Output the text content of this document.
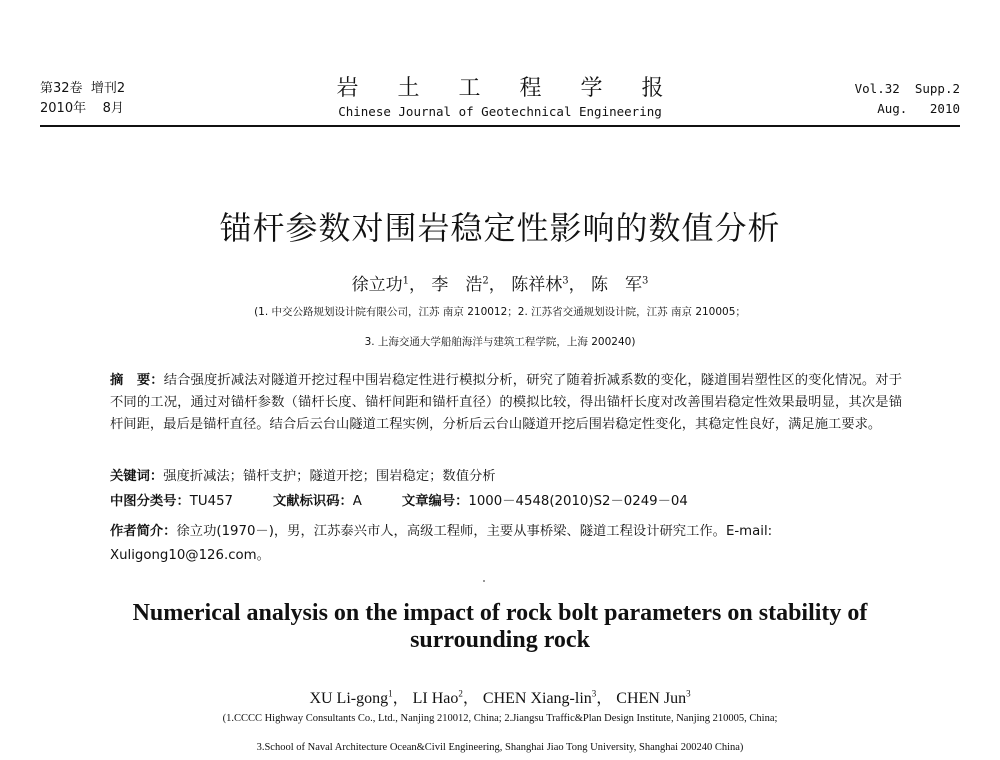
第32卷 增刊2
2010年 8月
岩 土 工 程 学 报
Chinese Journal of Geotechnical Engineering
Vol.32 Supp.2
Aug. 2010
锚杆参数对围岩稳定性影响的数值分析
徐立功$^1$， 李　浩$^2$， 陈祥林$^3$， 陈　军$^3$
(1. 中交公路规划设计院有限公司，江苏 南京 210012；2. 江苏省交通规划设计院，江苏 南京 210005；
3. 上海交通大学船舶海洋与建筑工程学院，上海 200240)
摘　要：结合强度折减法对隧道开挖过程中围岩稳定性进行模拟分析，研究了随着折减系数的变化，隧道围岩塑性区的变化情况。对于不同的工况，通过对锚杆参数（锚杆长度、锚杆间距和锚杆直径）的模拟比较，得出锚杆长度对改善围岩稳定性效果最明显，其次是锚杆间距，最后是锚杆直径。结合后云台山隧道工程实例，分析后云台山隧道开挖后围岩稳定性变化，其稳定性良好，满足施工要求。
关键词：强度折减法；锚杆支护；隧道开挖；围岩稳定；数值分析
中图分类号：TU457	文献标识码：A	文章编号：1000－4548(2010)S2－0249－04
作者简介：徐立功(1970－)，男，江苏泰兴市人，高级工程师，主要从事桥梁、隧道工程设计研究工作。E-mail: Xuligong10@126.com。
Numerical analysis on the impact of rock bolt parameters on stability of
surrounding rock
XU Li-gong$^1$， LI Hao$^2$， CHEN Xiang-lin$^3$， CHEN Jun$^3$
(1.CCCC Highway Consultants Co., Ltd., Nanjing 210012, China; 2.Jiangsu Traffic&Plan Design Institute, Nanjing 210005, China;
3.School of Naval Architecture Ocean&Civil Engineering, Shanghai Jiao Tong University, Shanghai 200240 China)
